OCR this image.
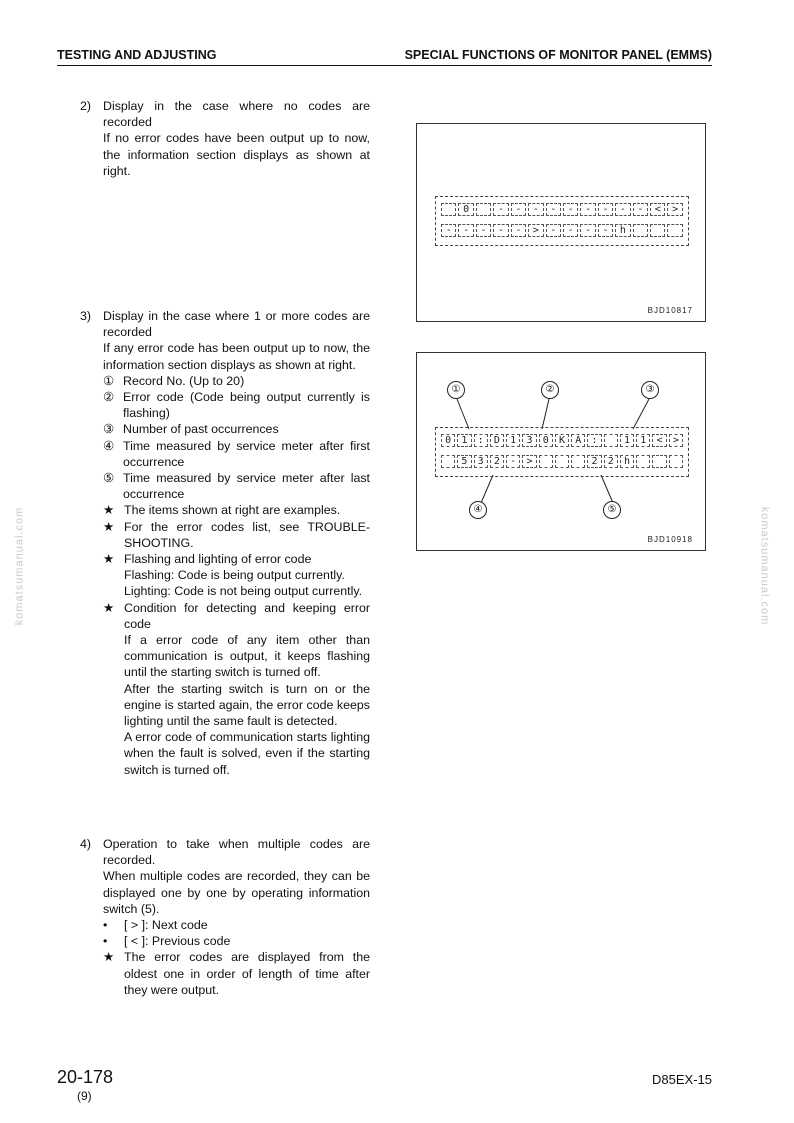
TESTING AND ADJUSTING	SPECIAL FUNCTIONS OF MONITOR PANEL (EMMS)
2) Display in the case where no codes are recorded
If no error codes have been output up to now, the information section displays as shown at right.
3) Display in the case where 1 or more codes are recorded
If any error code has been output up to now, the information section displays as shown at right.
① Record No. (Up to 20)
② Error code (Code being output currently is flashing)
③ Number of past occurrences
④ Time measured by service meter after first occurrence
⑤ Time measured by service meter after last occurrence
★ The items shown at right are examples.
★ For the error codes list, see TROUBLE-SHOOTING.
★ Flashing and lighting of error code
Flashing: Code is being output currently.
Lighting: Code is not being output currently.
★ Condition for detecting and keeping error code
If a error code of any item other than communication is output, it keeps flashing until the starting switch is turned off.
After the starting switch is turn on or the engine is started again, the error code keeps lighting until the same fault is detected.
A error code of communication starts lighting when the fault is solved, even if the starting switch is turned off.
4) Operation to take when multiple codes are recorded.
When multiple codes are recorded, they can be displayed one by one by operating information switch (5).
•	[ > ]: Next code
•	[ < ]: Previous code
★ The error codes are displayed from the oldest one in order of length of time after they were output.
0	-	-	-	-	-	-	-	-	-	<	>
-	-	-	-	-	>	-	-	-	-	h
BJD10817
①	②	③
0	1	:	D	1	3	0	K	A	:	1	1	<	>
5	3	2	-	>	2	2	h
④	⑤
BJD10918
komatsumanual.com	komatsumanual.com
20-178
(9)
D85EX-15
